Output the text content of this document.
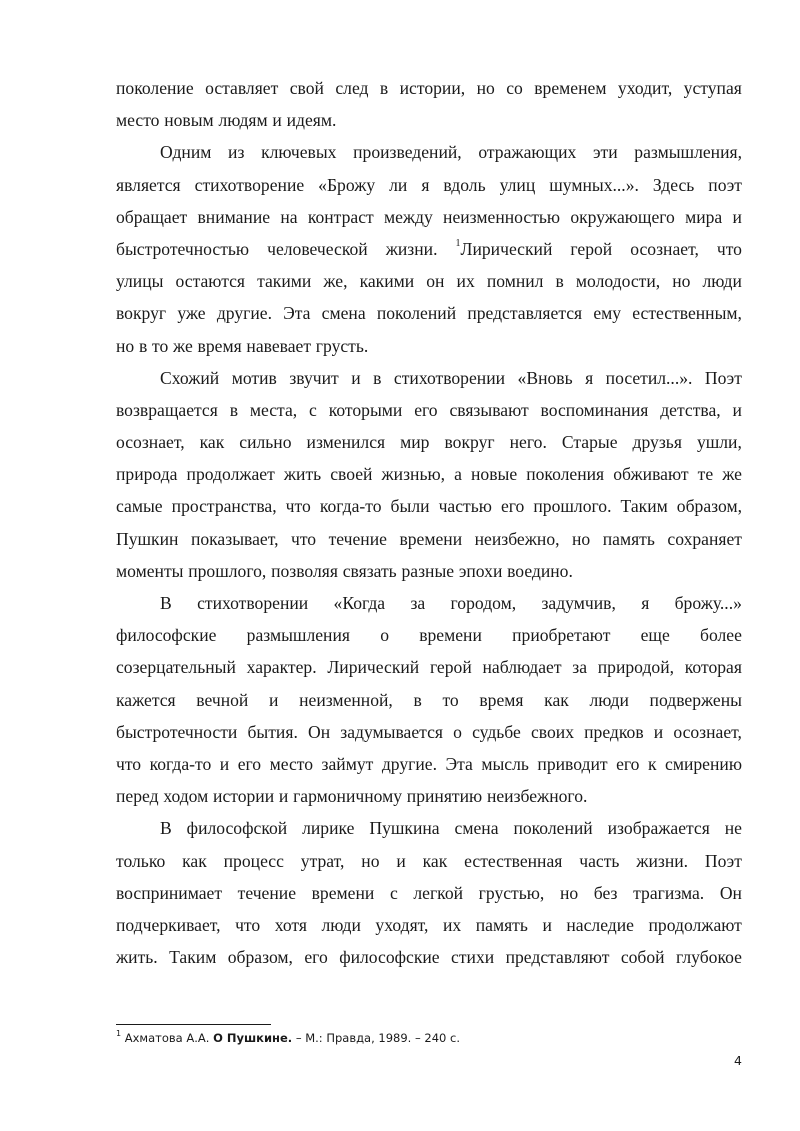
поколение оставляет свой след в истории, но со временем уходит, уступая
место новым людям и идеям.
Одним из ключевых произведений, отражающих эти размышления,
является стихотворение «Брожу ли я вдоль улиц шумных...». Здесь поэт
обращает внимание на контраст между неизменностью окружающего мира и
быстротечностью человеческой жизни. $^1$Лирический герой осознает, что
улицы остаются такими же, какими он их помнил в молодости, но люди
вокруг уже другие. Эта смена поколений представляется ему естественным,
но в то же время навевает грусть.
Схожий мотив звучит и в стихотворении «Вновь я посетил...». Поэт
возвращается в места, с которыми его связывают воспоминания детства, и
осознает, как сильно изменился мир вокруг него. Старые друзья ушли,
природа продолжает жить своей жизнью, а новые поколения обживают те же
самые пространства, что когда-то были частью его прошлого. Таким образом,
Пушкин показывает, что течение времени неизбежно, но память сохраняет
моменты прошлого, позволяя связать разные эпохи воедино.
В стихотворении «Когда за городом, задумчив, я брожу...»
философские размышления о времени приобретают еще более
созерцательный характер. Лирический герой наблюдает за природой, которая
кажется вечной и неизменной, в то время как люди подвержены
быстротечности бытия. Он задумывается о судьбе своих предков и осознает,
что когда-то и его место займут другие. Эта мысль приводит его к смирению
перед ходом истории и гармоничному принятию неизбежного.
В философской лирике Пушкина смена поколений изображается не
только как процесс утрат, но и как естественная часть жизни. Поэт
воспринимает течение времени с легкой грустью, но без трагизма. Он
подчеркивает, что хотя люди уходят, их память и наследие продолжают
жить. Таким образом, его философские стихи представляют собой глубокое
$^1$ Ахматова А.А. О Пушкине. – М.: Правда, 1989. – 240 с.
4
